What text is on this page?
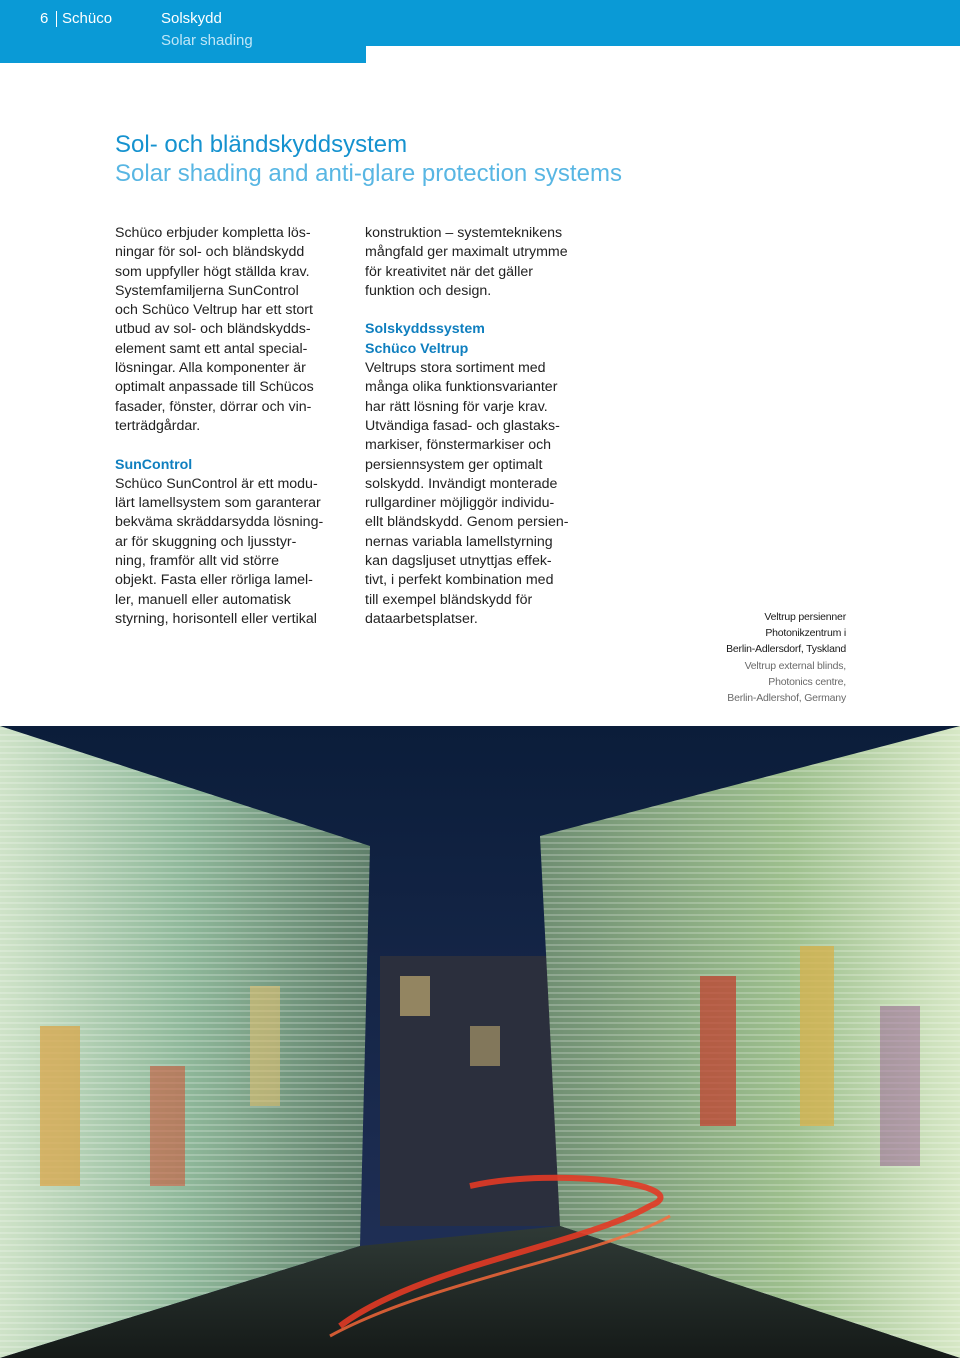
6 Schüco	Solskydd
Solar shading
Sol- och bländskyddsystem
Solar shading and anti-glare protection systems

Schüco erbjuder kompletta lös-

ningar för sol- och bländskydd

som uppfyller högt ställda krav.

Systemfamiljerna SunControl

och Schüco Veltrup har ett stort

utbud av sol- och bländskydds-

element samt ett antal special-

lösningar. Alla komponenter är

optimalt anpassade till Schücos

fasader, fönster, dörrar och vin-

terträdgårdar.

SunControl

Schüco SunControl är ett modu-

lärt lamellsystem som garanterar

bekväma skräddarsydda lösning-

ar för skuggning och ljusstyr-

ning, framför allt vid större

objekt. Fasta eller rörliga lamel-

ler, manuell eller automatisk

styrning, horisontell eller vertikal

konstruktion – systemteknikens

mångfald ger maximalt utrymme

för kreativitet när det gäller

funktion och design.

Solskyddssystem
Schüco Veltrup

Veltrups stora sortiment med

många olika funktionsvarianter

har rätt lösning för varje krav.

Utvändiga fasad- och glastaks-

markiser, fönstermarkiser och

persiennsystem ger optimalt

solskydd. Invändigt monterade

rullgardiner möjliggör individu-

ellt bländskydd. Genom persien-

nernas variabla lamellstyrning

kan dagsljuset utnyttjas effek-

tivt, i perfekt kombination med

till exempel bländskydd för

dataarbetsplatser.	Veltrup persienner
Photonikzentrum i
Berlin-Adlersdorf, Tyskland
Veltrup external blinds,
Photonics centre,
Berlin-Adlershof, Germany
